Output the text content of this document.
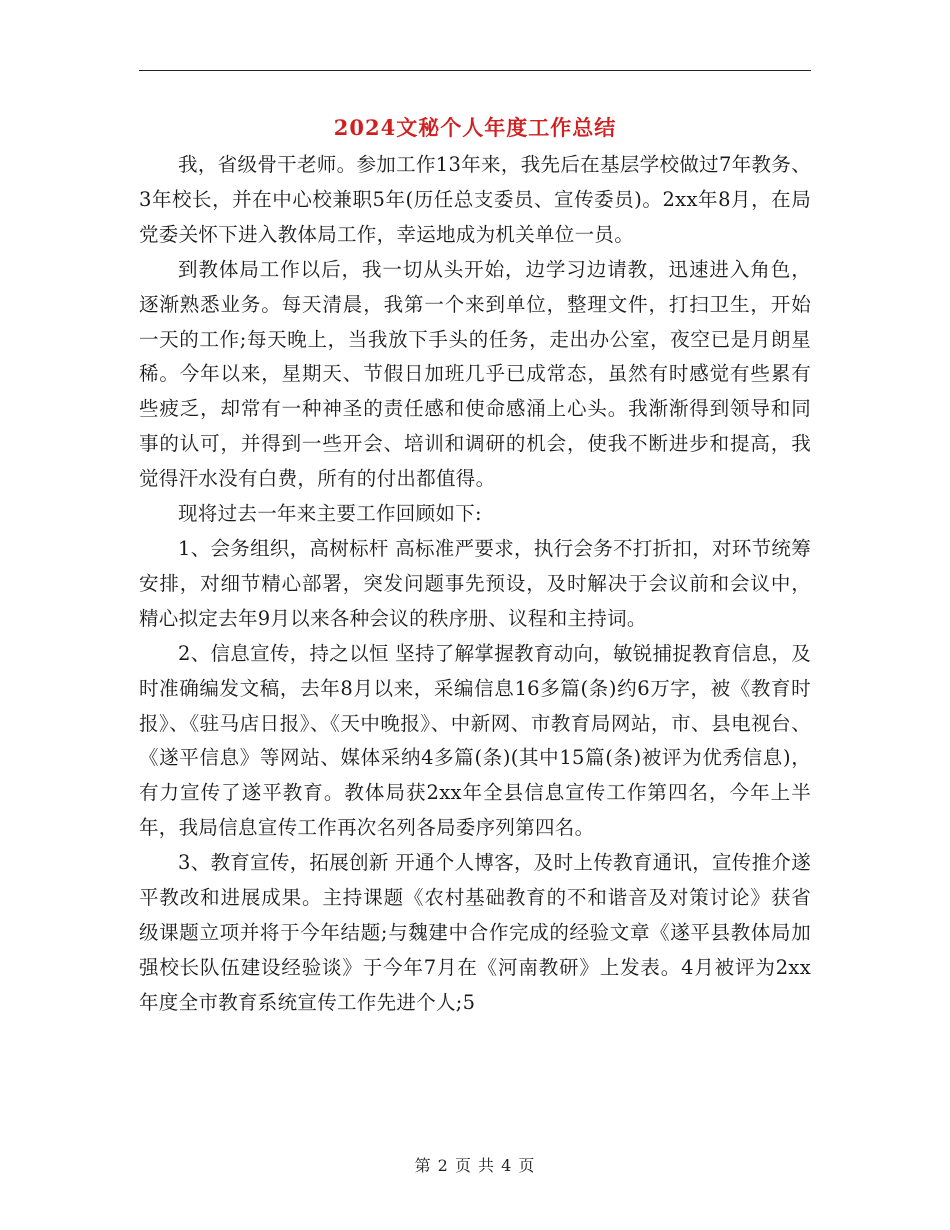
2024文秘个人年度工作总结

我，省级骨干老师。参加工作13年来，我先后在基层学校做过7年教务、3年校长，并在中心校兼职5年(历任总支委员、宣传委员)。2xx年8月，在局党委关怀下进入教体局工作，幸运地成为机关单位一员。

到教体局工作以后，我一切从头开始，边学习边请教，迅速进入角色，逐渐熟悉业务。每天清晨，我第一个来到单位，整理文件，打扫卫生，开始一天的工作;每天晚上，当我放下手头的任务，走出办公室，夜空已是月朗星稀。今年以来，星期天、节假日加班几乎已成常态，虽然有时感觉有些累有些疲乏，却常有一种神圣的责任感和使命感涌上心头。我渐渐得到领导和同事的认可，并得到一些开会、培训和调研的机会，使我不断进步和提高，我觉得汗水没有白费，所有的付出都值得。

现将过去一年来主要工作回顾如下:

1、会务组织，高树标杆 高标准严要求，执行会务不打折扣，对环节统筹安排，对细节精心部署，突发问题事先预设，及时解决于会议前和会议中，精心拟定去年9月以来各种会议的秩序册、议程和主持词。

2、信息宣传，持之以恒 坚持了解掌握教育动向，敏锐捕捉教育信息，及时准确编发文稿，去年8月以来，采编信息16多篇(条)约6万字，被《教育时报》、《驻马店日报》、《天中晚报》、中新网、市教育局网站，市、县电视台、《遂平信息》等网站、媒体采纳4多篇(条)(其中15篇(条)被评为优秀信息)，有力宣传了遂平教育。教体局获2xx年全县信息宣传工作第四名，今年上半年，我局信息宣传工作再次名列各局委序列第四名。

3、教育宣传，拓展创新 开通个人博客，及时上传教育通讯，宣传推介遂平教改和进展成果。主持课题《农村基础教育的不和谐音及对策讨论》获省级课题立项并将于今年结题;与魏建中合作完成的经验文章《遂平县教体局加强校长队伍建设经验谈》于今年7月在《河南教研》上发表。4月被评为2xx年度全市教育系统宣传工作先进个人;5

第 2 页 共 4 页
